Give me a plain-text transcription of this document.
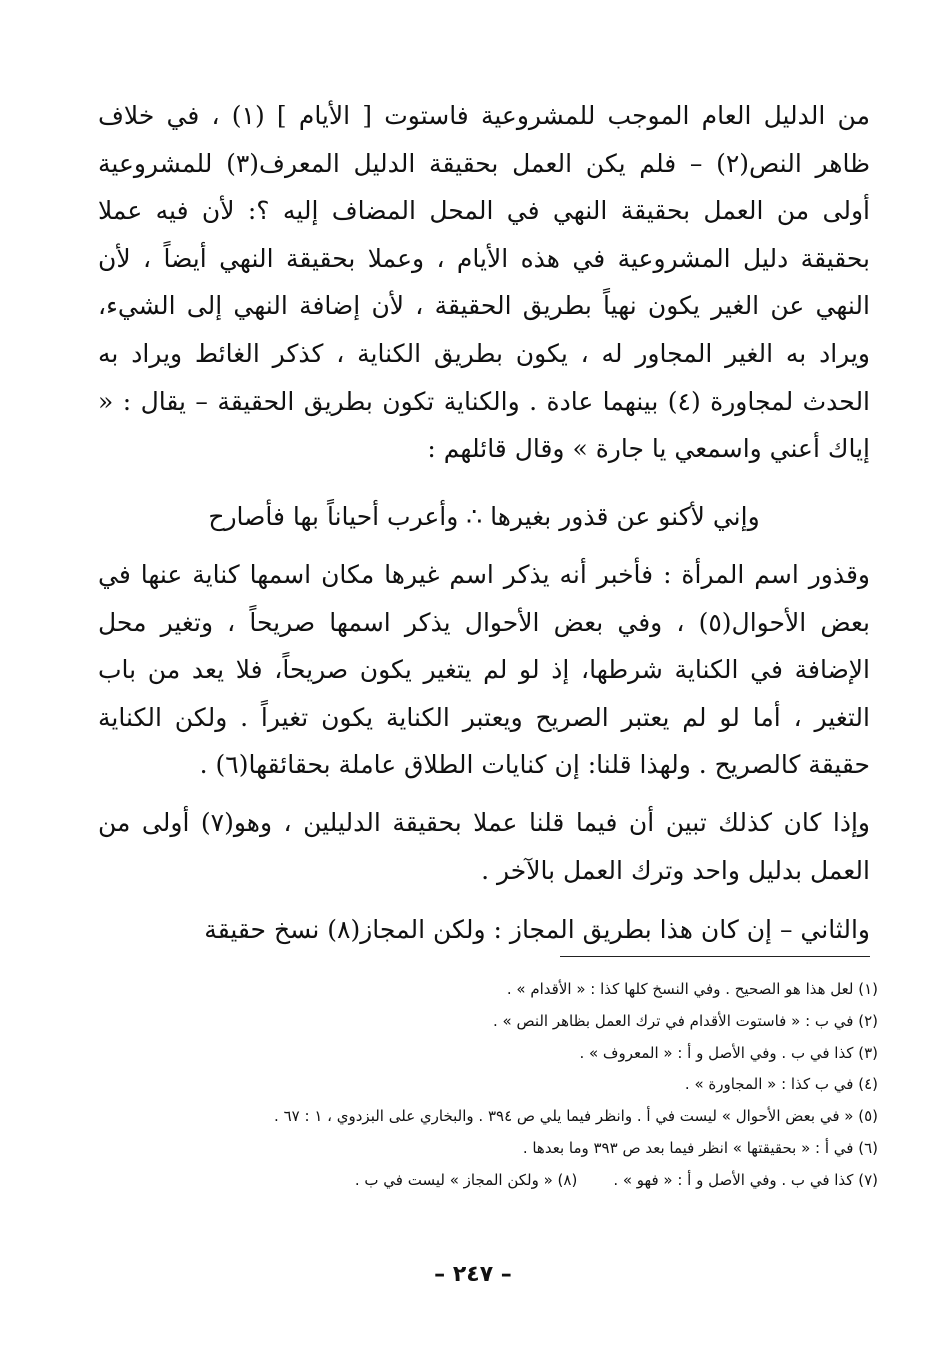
من الدليل العام الموجب للمشروعية فاستوت [ الأيام ] (١) ، في خلاف ظاهر النص(٢) – فلم يكن العمل بحقيقة الدليل المعرف(٣) للمشروعية أولى من العمل بحقيقة النهي في المحل المضاف إليه ؟: لأن فيه عملا بحقيقة دليل المشروعية في هذه الأيام ، وعملا بحقيقة النهي أيضاً ، لأن النهي عن الغير يكون نهياً بطريق الحقيقة ، لأن إضافة النهي إلى الشيء، ويراد به الغير المجاور له ، يكون بطريق الكناية ، كذكر الغائط ويراد به الحدث لمجاورة (٤) بينهما عادة . والكناية تكون بطريق الحقيقة – يقال : « إياك أعني واسمعي يا جارة » وقال قائلهم :

وإني لأكنو عن قذور بغيرها ∴ وأعرب أحياناً بها فأصارح

وقذور اسم المرأة : فأخبر أنه يذكر اسم غيرها مكان اسمها كناية عنها في بعض الأحوال(٥) ، وفي بعض الأحوال يذكر اسمها صريحاً ، وتغير محل الإضافة في الكناية شرطها، إذ لو لم يتغير يكون صريحاً، فلا يعد من باب التغير ، أما لو لم يعتبر الصريح ويعتبر الكناية يكون تغيراً . ولكن الكناية حقيقة كالصريح . ولهذا قلنا: إن كنايات الطلاق عاملة بحقائقها(٦) .

وإذا كان كذلك تبين أن فيما قلنا عملا بحقيقة الدليلين ، وهو(٧) أولى من العمل بدليل واحد وترك العمل بالآخر .

والثاني – إن كان هذا بطريق المجاز : ولكن المجاز(٨) نسخ حقيقة

(١) لعل هذا هو الصحيح . وفي النسخ كلها كذا : « الأقدام » .

(٢) في ب : « فاستوت الأقدام في ترك العمل بظاهر النص » .

(٣) كذا في ب . وفي الأصل و أ : « المعروف » .

(٤) في ب كذا : « المجاورة » .

(٥) « في بعض الأحوال » ليست في أ . وانظر فيما يلي ص ٣٩٤ . والبخاري على البزدوي ، ١ : ٦٧ .

(٦) في أ : « بحقيقتها » انظر فيما بعد ص ٣٩٣ وما بعدها .

(٧) كذا في ب . وفي الأصل و أ : « فهو » .

(٨) « ولكن المجاز » ليست في ب .

– ٢٤٧ –
